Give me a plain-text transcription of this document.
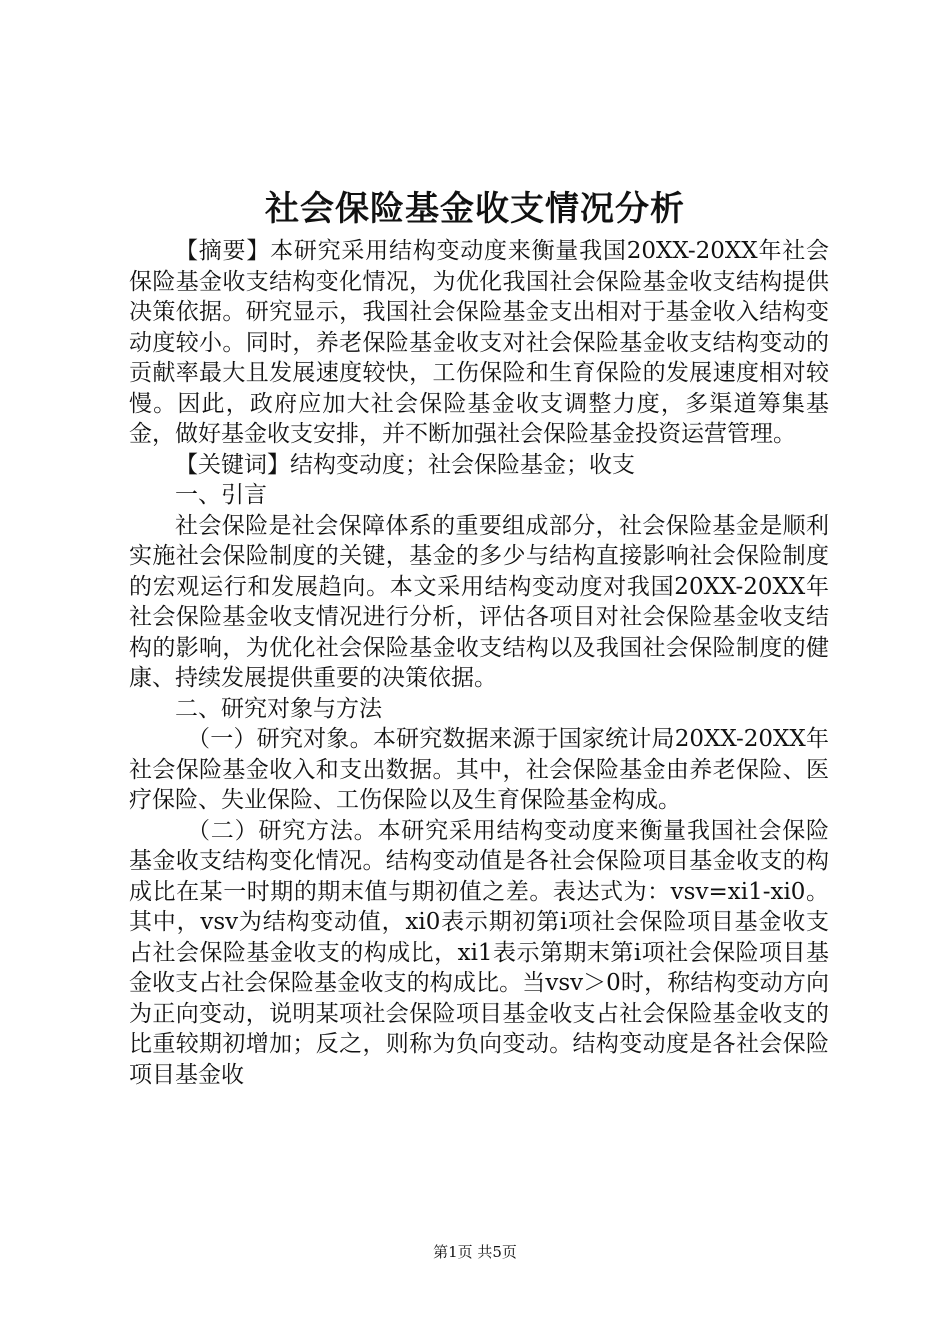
社会保险基金收支情况分析

【摘要】本研究采用结构变动度来衡量我国20XX-20XX年社会保险基金收支结构变化情况，为优化我国社会保险基金收支结构提供决策依据。研究显示，我国社会保险基金支出相对于基金收入结构变动度较小。同时，养老保险基金收支对社会保险基金收支结构变动的贡献率最大且发展速度较快，工伤保险和生育保险的发展速度相对较慢。因此，政府应加大社会保险基金收支调整力度，多渠道筹集基金，做好基金收支安排，并不断加强社会保险基金投资运营管理。

【关键词】结构变动度；社会保险基金；收支

一、引言

社会保险是社会保障体系的重要组成部分，社会保险基金是顺利实施社会保险制度的关键，基金的多少与结构直接影响社会保险制度的宏观运行和发展趋向。本文采用结构变动度对我国20XX-20XX年社会保险基金收支情况进行分析，评估各项目对社会保险基金收支结构的影响，为优化社会保险基金收支结构以及我国社会保险制度的健康、持续发展提供重要的决策依据。

二、研究对象与方法

（一）研究对象。本研究数据来源于国家统计局20XX-20XX年社会保险基金收入和支出数据。其中，社会保险基金由养老保险、医疗保险、失业保险、工伤保险以及生育保险基金构成。

（二）研究方法。本研究采用结构变动度来衡量我国社会保险基金收支结构变化情况。结构变动值是各社会保险项目基金收支的构成比在某一时期的期末值与期初值之差。表达式为：vsv=xi1-xi0。其中，vsv为结构变动值，xi0表示期初第i项社会保险项目基金收支占社会保险基金收支的构成比，xi1表示第期末第i项社会保险项目基金收支占社会保险基金收支的构成比。当vsv＞0时，称结构变动方向为正向变动，说明某项社会保险项目基金收支占社会保险基金收支的比重较期初增加；反之，则称为负向变动。结构变动度是各社会保险项目基金收

第1页 共5页
